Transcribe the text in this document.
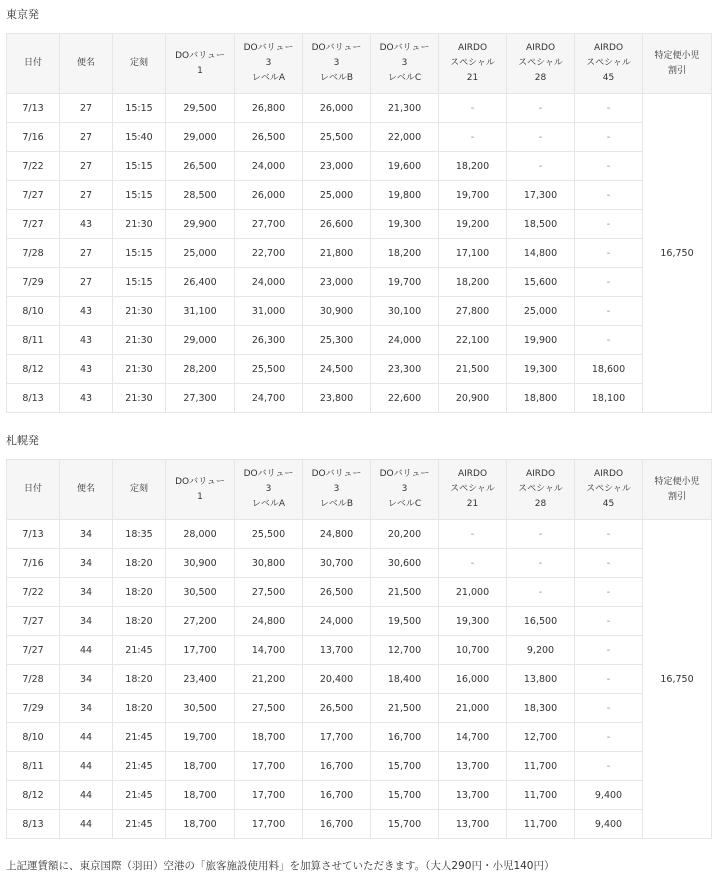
東京発
日付	便名	定刻	
DOバリュー
1

DOバリュー
3
レベルA

DOバリュー
3
レベルB

DOバリュー
3
レベルC

AIRDO
スペシャル
21

AIRDO
スペシャル
28

AIRDO
スペシャル
45

特定便小児
割引

7/13	27	15:15	29,500	26,800	26,000	21,300	-	-	-	16,750
7/16	27	15:40	29,000	26,500	25,500	22,000	-	-	-	
7/22	27	15:15	26,500	24,000	23,000	19,600	18,200	-	-	
7/27	27	15:15	28,500	26,000	25,000	19,800	19,700	17,300	-	
7/27	43	21:30	29,900	27,700	26,600	19,300	19,200	18,500	-	
7/28	27	15:15	25,000	22,700	21,800	18,200	17,100	14,800	-	
7/29	27	15:15	26,400	24,000	23,000	19,700	18,200	15,600	-	
8/10	43	21:30	31,100	31,000	30,900	30,100	27,800	25,000	-	
8/11	43	21:30	29,000	26,300	25,300	24,000	22,100	19,900	-	
8/12	43	21:30	28,200	25,500	24,500	23,300	21,500	19,300	18,600	
8/13	43	21:30	27,300	24,700	23,800	22,600	20,900	18,800	18,100	
札幌発
日付	便名	定刻	
DOバリュー
1

DOバリュー
3
レベルA

DOバリュー
3
レベルB

DOバリュー
3
レベルC

AIRDO
スペシャル
21

AIRDO
スペシャル
28

AIRDO
スペシャル
45

特定便小児
割引

7/13	34	18:35	28,000	25,500	24,800	20,200	-	-	-	16,750
7/16	34	18:20	30,900	30,800	30,700	30,600	-	-	-	
7/22	34	18:20	30,500	27,500	26,500	21,500	21,000	-	-	
7/27	34	18:20	27,200	24,800	24,000	19,500	19,300	16,500	-	
7/27	44	21:45	17,700	14,700	13,700	12,700	10,700	9,200	-	
7/28	34	18:20	23,400	21,200	20,400	18,400	16,000	13,800	-	
7/29	34	18:20	30,500	27,500	26,500	21,500	21,000	18,300	-	
8/10	44	21:45	19,700	18,700	17,700	16,700	14,700	12,700	-	
8/11	44	21:45	18,700	17,700	16,700	15,700	13,700	11,700	-	
8/12	44	21:45	18,700	17,700	16,700	15,700	13,700	11,700	9,400	
8/13	44	21:45	18,700	17,700	16,700	15,700	13,700	11,700	9,400	

上記運賃額に、東京国際（羽田）空港の「旅客施設使用料」を加算させていただきます。（大人290円・小児140円）
